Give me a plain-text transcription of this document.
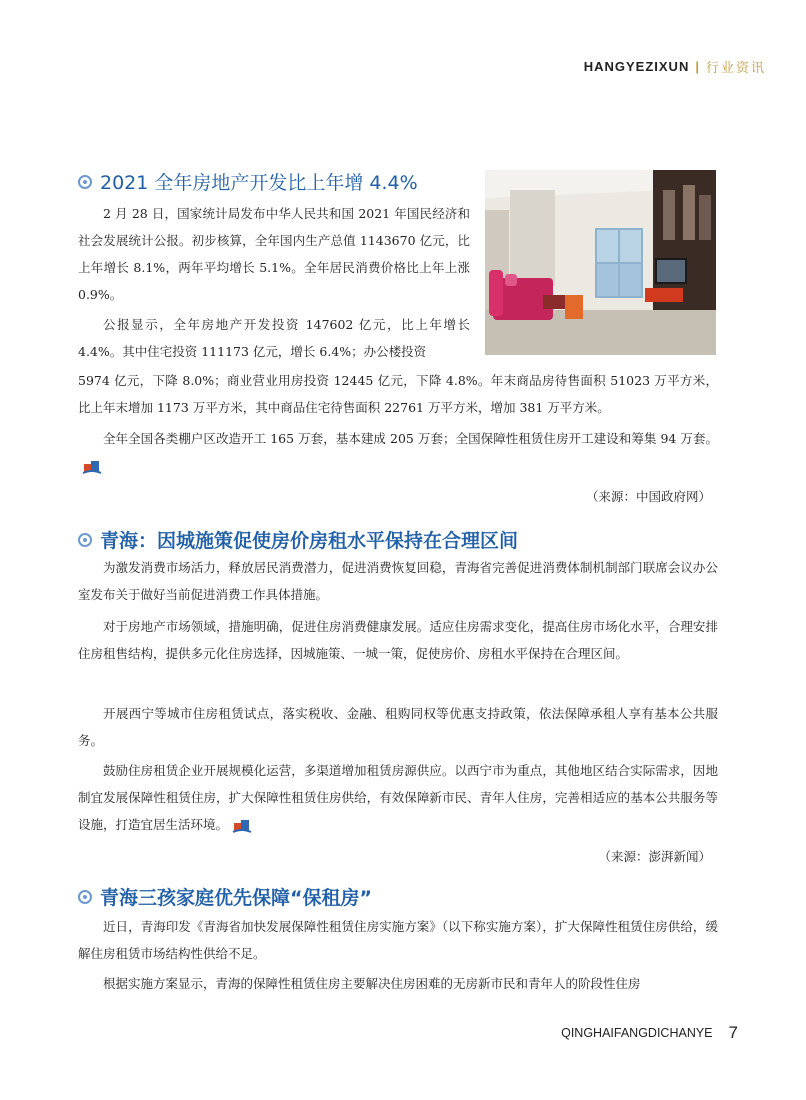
HANGYEZIXUN | 行业资讯
2021 全年房地产开发比上年增 4.4%

2 月 28 日，国家统计局发布中华人民共和国 2021 年国民经济和社会发展统计公报。初步核算，全年国内生产总值 1143670 亿元，比上年增长 8.1%，两年平均增长 5.1%。全年居民消费价格比上年上涨 0.9%。

公报显示，全年房地产开发投资 147602 亿元，比上年增长 4.4%。其中住宅投资 111173 亿元，增长 6.4%；办公楼投资

5974 亿元，下降 8.0%；商业营业用房投资 12445 亿元，下降 4.8%。年末商品房待售面积 51023 万平方米，比上年末增加 1173 万平方米，其中商品住宅待售面积 22761 万平方米，增加 381 万平方米。

全年全国各类棚户区改造开工 165 万套，基本建成 205 万套；全国保障性租赁住房开工建设和筹集 94 万套。

（来源：中国政府网）
青海：因城施策促使房价房租水平保持在合理区间

为激发消费市场活力，释放居民消费潜力，促进消费恢复回稳，青海省完善促进消费体制机制部门联席会议办公室发布关于做好当前促进消费工作具体措施。

对于房地产市场领域，措施明确，促进住房消费健康发展。适应住房需求变化，提高住房市场化水平，合理安排住房租售结构，提供多元化住房选择，因城施策、一城一策，促使房价、房租水平保持在合理区间。

开展西宁等城市住房租赁试点，落实税收、金融、租购同权等优惠支持政策，依法保障承租人享有基本公共服务。

鼓励住房租赁企业开展规模化运营，多渠道增加租赁房源供应。以西宁市为重点，其他地区结合实际需求，因地制宜发展保障性租赁住房，扩大保障性租赁住房供给，有效保障新市民、青年人住房，完善相适应的基本公共服务等设施，打造宜居生活环境。

（来源：澎湃新闻）
青海三孩家庭优先保障“保租房”

近日，青海印发《青海省加快发展保障性租赁住房实施方案》（以下称实施方案），扩大保障性租赁住房供给，缓解住房租赁市场结构性供给不足。

根据实施方案显示，青海的保障性租赁住房主要解决住房困难的无房新市民和青年人的阶段性住房

QINGHAIFANGDICHANYE 7
